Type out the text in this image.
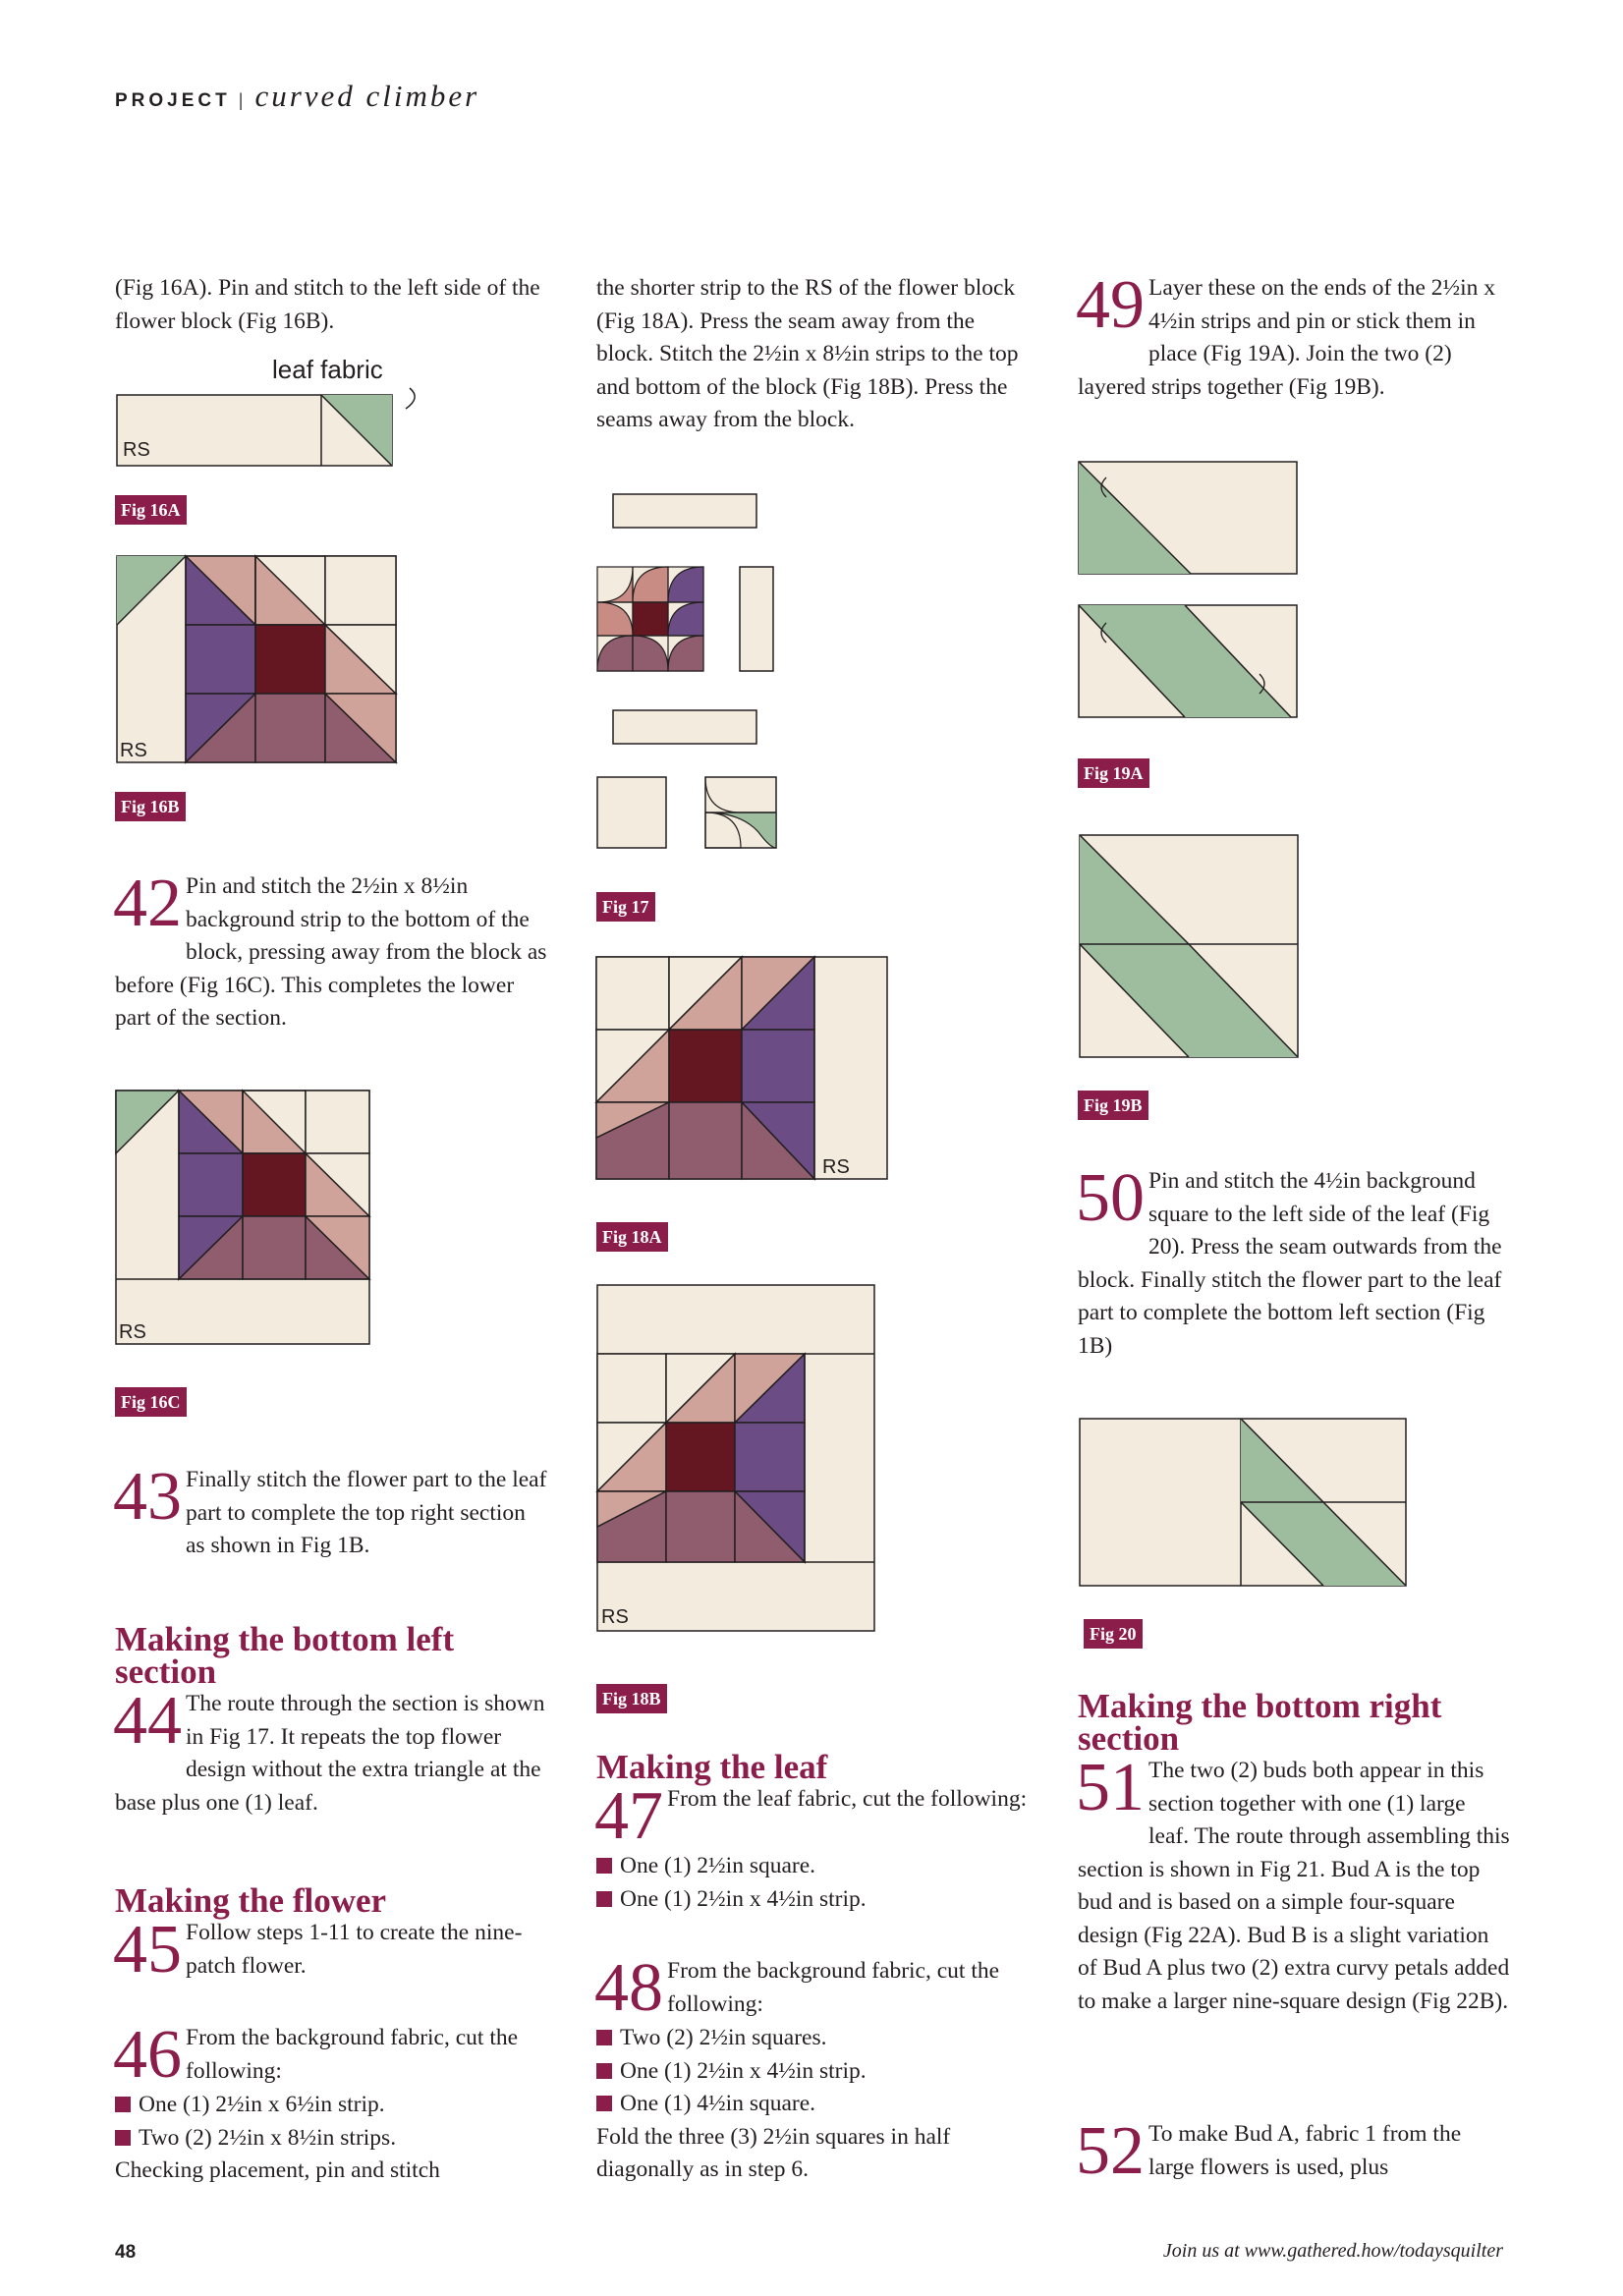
PROJECT | curved climber

(Fig 16A). Pin and stitch to the left side of the flower block (Fig 16B).

leaf fabric
RS
Fig 16A
RS
Fig 16B
42 Pin and stitch the 2½in x 8½in background strip to the bottom of the block, pressing away from the block as before (Fig 16C). This completes the lower part of the section.

RS
Fig 16C
43 Finally stitch the flower part to the leaf part to complete the top right section as shown in Fig 1B.

Making the bottom left section

44 The route through the section is shown in Fig 17. It repeats the top flower design without the extra triangle at the base plus one (1) leaf.

Making the flower

45 Follow steps 1-11 to create the nine-patch flower.

46 From the background fabric, cut the following:

One (1) 2½in x 6½in strip.

Two (2) 2½in x 8½in strips.

Checking placement, pin and stitch

the shorter strip to the RS of the flower block (Fig 18A). Press the seam away from the block. Stitch the 2½in x 8½in strips to the top and bottom of the block (Fig 18B). Press the seams away from the block.

Fig 17
RS
Fig 18A
RS
Fig 18B

Making the leaf

47 From the leaf fabric, cut the following:

One (1) 2½in square.

One (1) 2½in x 4½in strip.

48 From the background fabric, cut the following:

Two (2) 2½in squares.

One (1) 2½in x 4½in strip.

One (1) 4½in square.

Fold the three (3) 2½in squares in half diagonally as in step 6.

49 Layer these on the ends of the 2½in x 4½in strips and pin or stick them in place (Fig 19A). Join the two (2) layered strips together (Fig 19B).

Fig 19A
Fig 19B
50 Pin and stitch the 4½in background square to the left side of the leaf (Fig 20). Press the seam outwards from the block. Finally stitch the flower part to the leaf part to complete the bottom left section (Fig 1B)

Fig 20

Making the bottom right section

51 The two (2) buds both appear in this section together with one (1) large leaf. The route through assembling this section is shown in Fig 21. Bud A is the top bud and is based on a simple four-square design (Fig 22A). Bud B is a slight variation of Bud A plus two (2) extra curvy petals added to make a larger nine-square design (Fig 22B).

52 To make Bud A, fabric 1 from the large flowers is used, plus

48	Join us at www.gathered.how/todaysquilter
